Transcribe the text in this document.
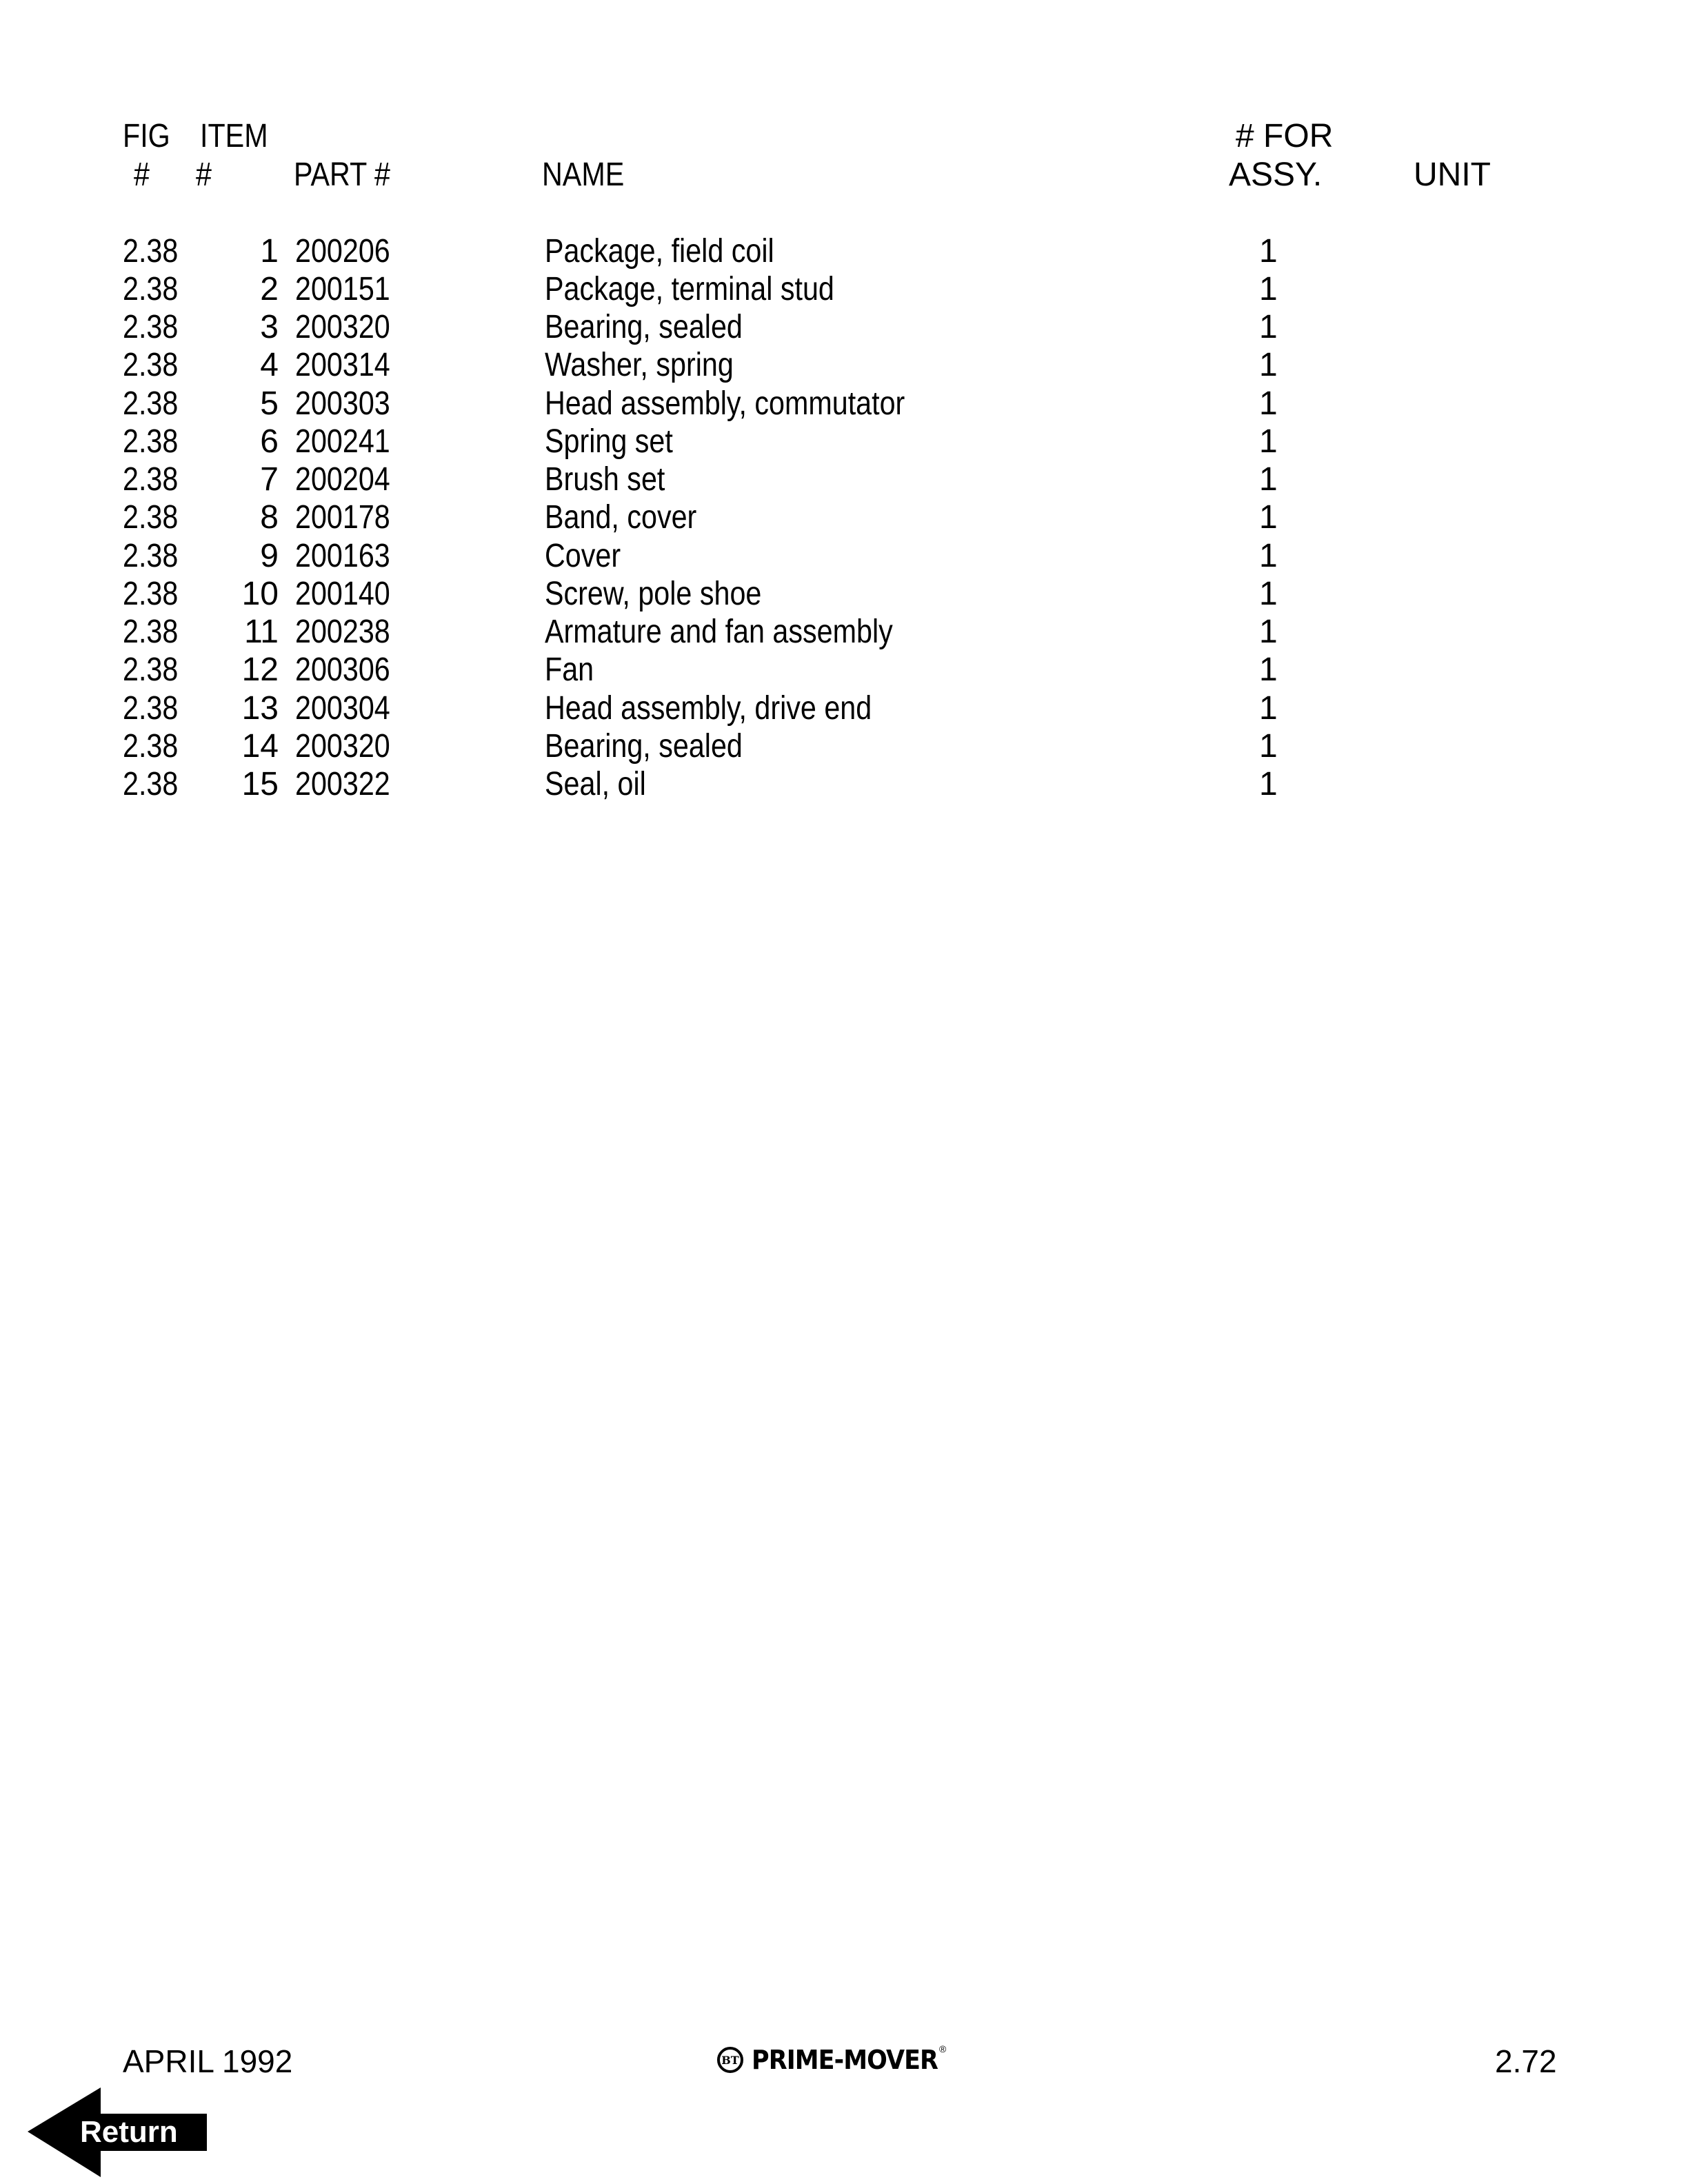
FIG ITEM	# FOR
# # PART #	NAME	ASSY.	UNIT
2.38	1 200206	Package, field coil	1
2.38	2 200151	Package, terminal stud	1
2.38	3 200320	Bearing, sealed	1
2.38	4 200314	Washer, spring	1
2.38	5 200303	Head assembly, commutator	1
2.38	6 200241	Spring set	1
2.38	7 200204	Brush set	1
2.38	8 200178	Band, cover	1
2.38	9 200163	Cover	1
2.38	10 200140	Screw, pole shoe	1
2.38	11 200238	Armature and fan assembly	1
2.38	12 200306	Fan	1
2.38	13 200304	Head assembly, drive end	1
2.38	14 200320	Bearing, sealed	1
2.38	15 200322	Seal, oil	1
APRIL 1992	BT PRIME-MOVER ®	2.72
Return
